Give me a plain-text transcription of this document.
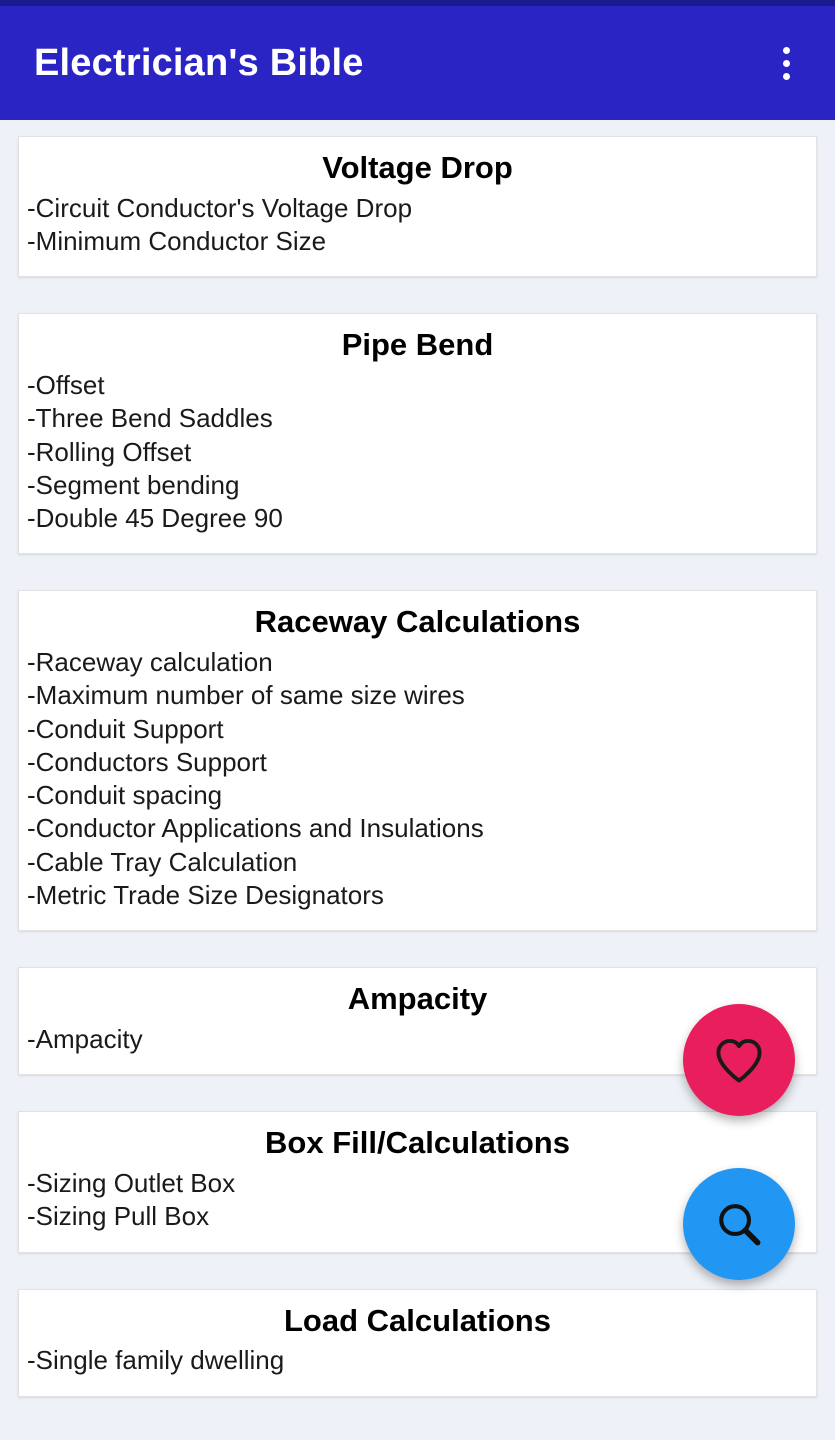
Electrician's Bible
Voltage Drop
-Circuit Conductor's Voltage Drop
-Minimum Conductor Size
Pipe Bend
-Offset
-Three Bend Saddles
-Rolling Offset
-Segment bending
-Double 45 Degree 90
Raceway Calculations
-Raceway calculation
-Maximum number of same size wires
-Conduit Support
-Conductors Support
-Conduit spacing
-Conductor Applications and Insulations
-Cable Tray Calculation
-Metric Trade Size Designators
Ampacity
-Ampacity
Box Fill/Calculations
-Sizing Outlet Box
-Sizing Pull Box
Load Calculations
-Single family dwelling
